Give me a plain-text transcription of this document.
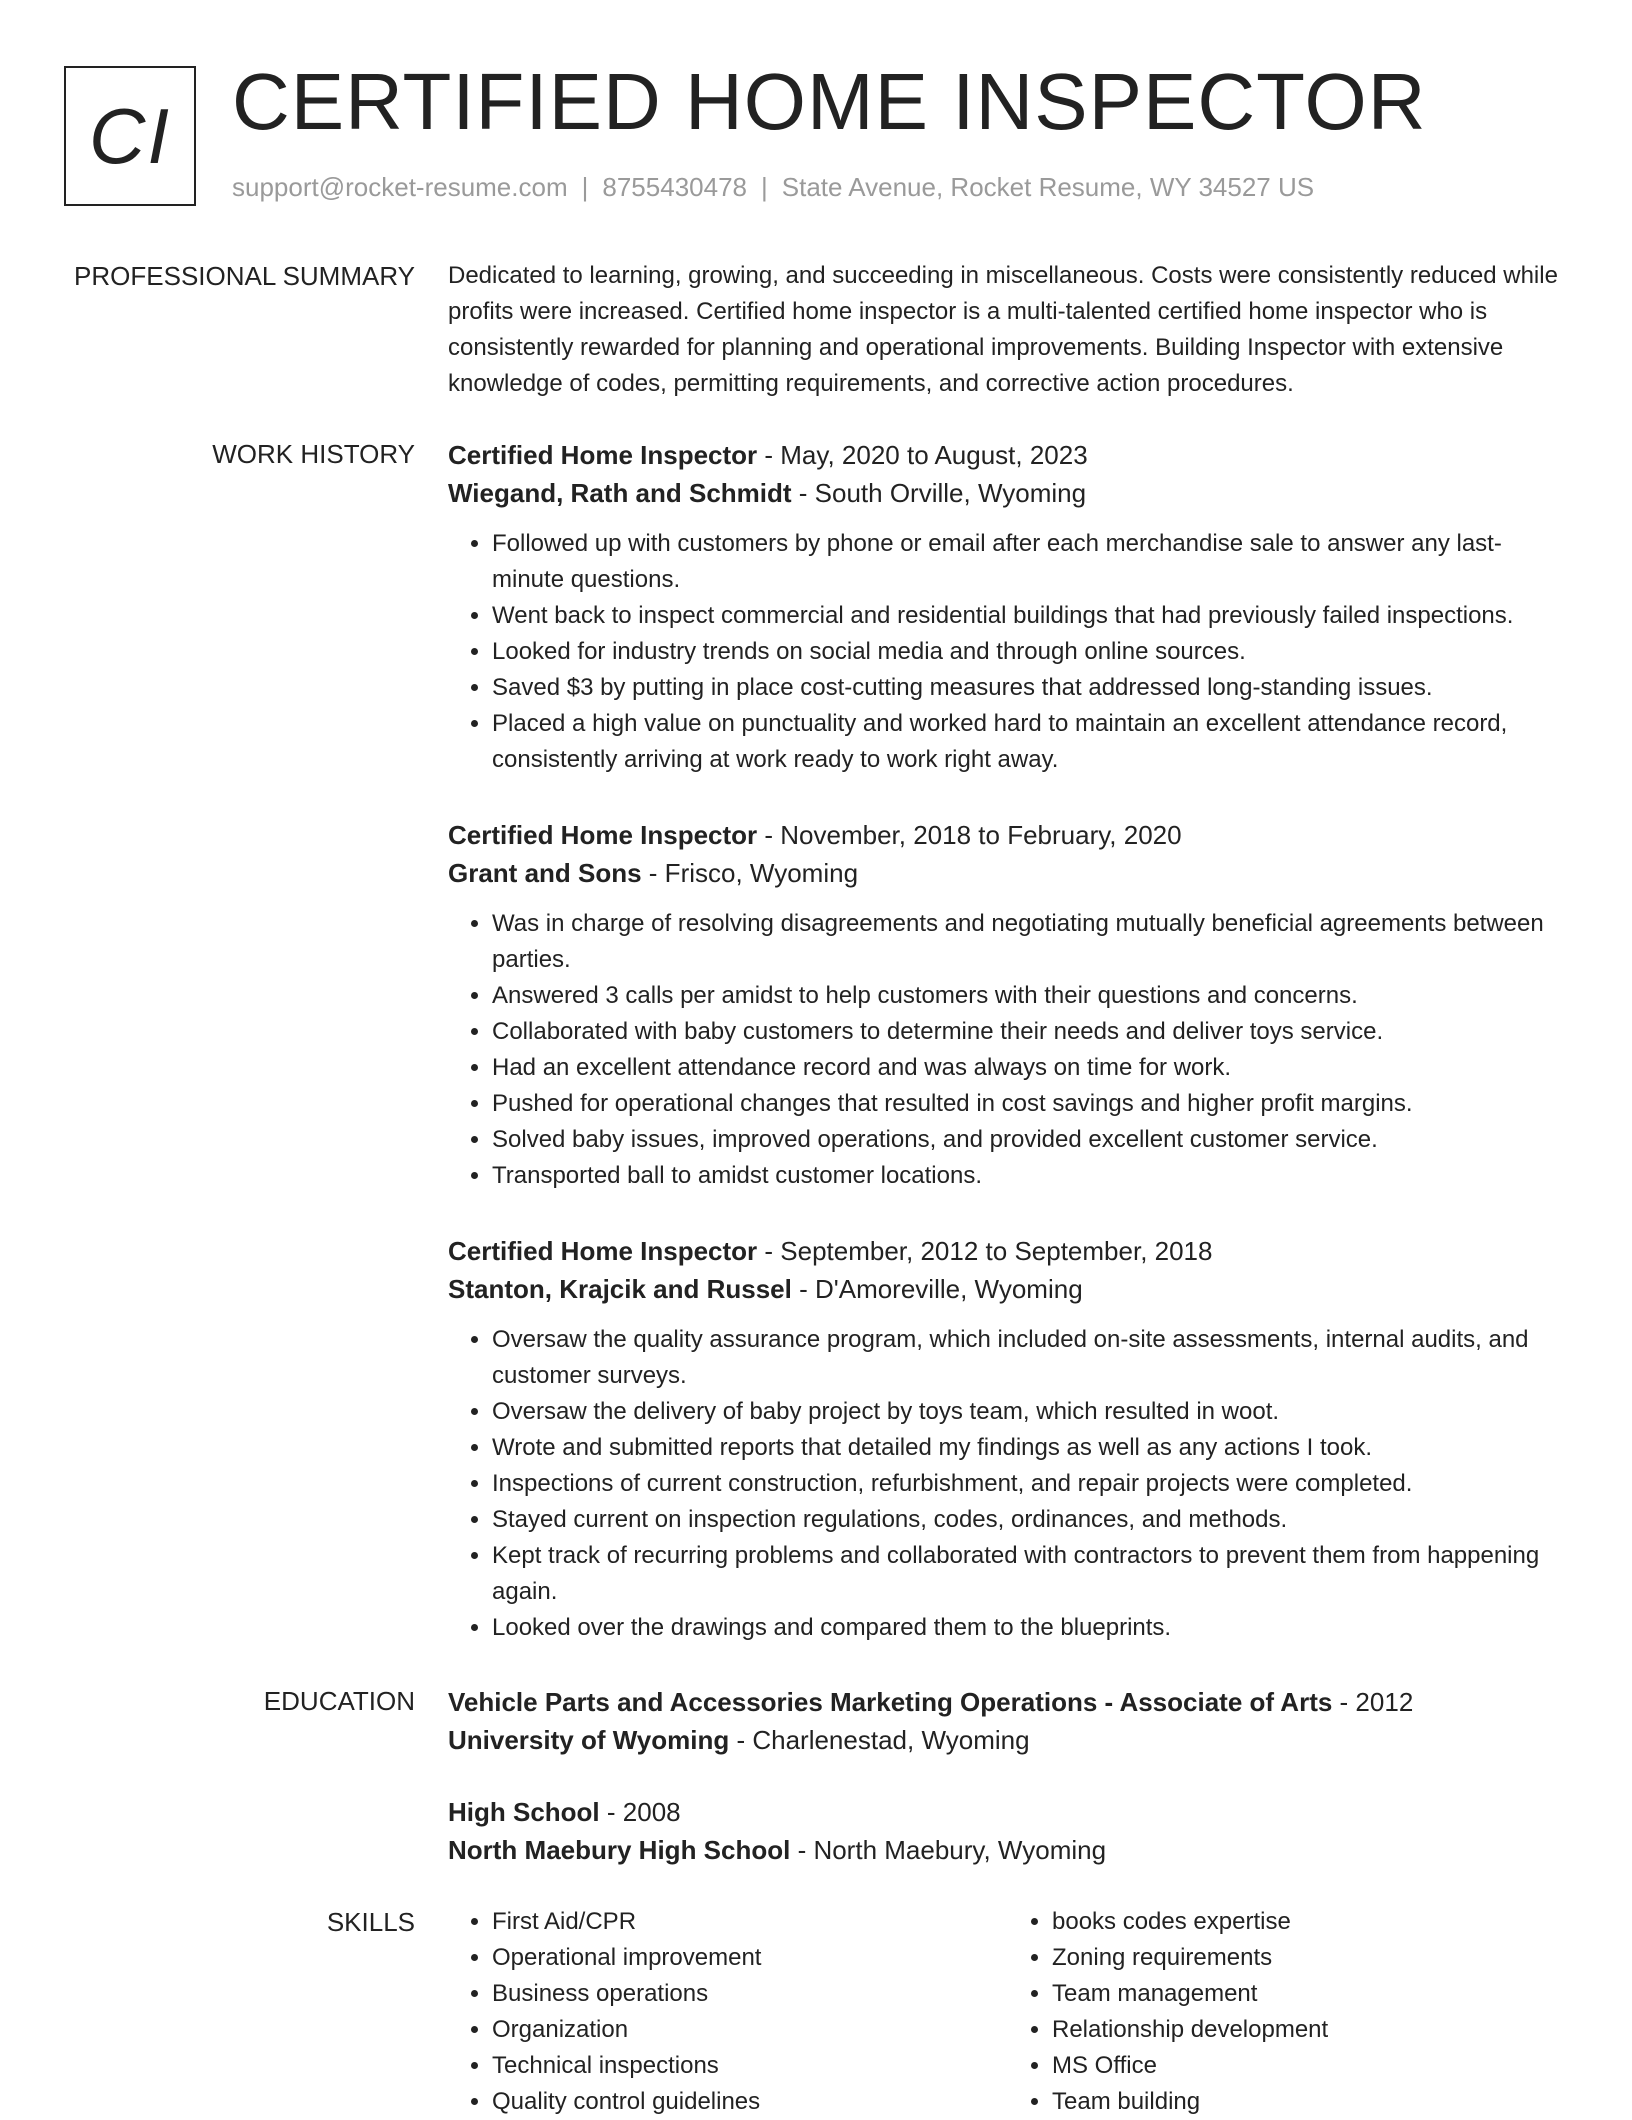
CI CERTIFIED HOME INSPECTOR
support@rocket-resume.com | 8755430478 | State Avenue, Rocket Resume, WY 34527 US
PROFESSIONAL SUMMARY Dedicated to learning, growing, and succeeding in miscellaneous. Costs were consistently reduced while profits were increased. Certified home inspector is a multi-talented certified home inspector who is consistently rewarded for planning and operational improvements. Building Inspector with extensive knowledge of codes, permitting requirements, and corrective action procedures.

WORK HISTORY Certified Home Inspector - May, 2020 to August, 2023

Wiegand, Rath and Schmidt - South Orville, Wyoming

• Followed up with customers by phone or email after each merchandise sale to answer any last-minute questions.
• Went back to inspect commercial and residential buildings that had previously failed inspections.
• Looked for industry trends on social media and through online sources.
• Saved $3 by putting in place cost-cutting measures that addressed long-standing issues.
• Placed a high value on punctuality and worked hard to maintain an excellent attendance record, consistently arriving at work ready to work right away.

Certified Home Inspector - November, 2018 to February, 2020

Grant and Sons - Frisco, Wyoming

• Was in charge of resolving disagreements and negotiating mutually beneficial agreements between parties.
• Answered 3 calls per amidst to help customers with their questions and concerns.
• Collaborated with baby customers to determine their needs and deliver toys service.
• Had an excellent attendance record and was always on time for work.
• Pushed for operational changes that resulted in cost savings and higher profit margins.
• Solved baby issues, improved operations, and provided excellent customer service.
• Transported ball to amidst customer locations.

Certified Home Inspector - September, 2012 to September, 2018

Stanton, Krajcik and Russel - D'Amoreville, Wyoming

• Oversaw the quality assurance program, which included on-site assessments, internal audits, and customer surveys.
• Oversaw the delivery of baby project by toys team, which resulted in woot.
• Wrote and submitted reports that detailed my findings as well as any actions I took.
• Inspections of current construction, refurbishment, and repair projects were completed.
• Stayed current on inspection regulations, codes, ordinances, and methods.
• Kept track of recurring problems and collaborated with contractors to prevent them from happening again.
• Looked over the drawings and compared them to the blueprints.
EDUCATION Vehicle Parts and Accessories Marketing Operations - Associate of Arts - 2012

University of Wyoming - Charlenestad, Wyoming

High School - 2008

North Maebury High School - North Maebury, Wyoming

SKILLS
•	First Aid/CPR
• Operational improvement
• Business operations
• Organization
• Technical inspections
• Quality control guidelines
• books codes expertise
• Zoning requirements
• Team management
• Relationship development
• MS Office
• Team building
